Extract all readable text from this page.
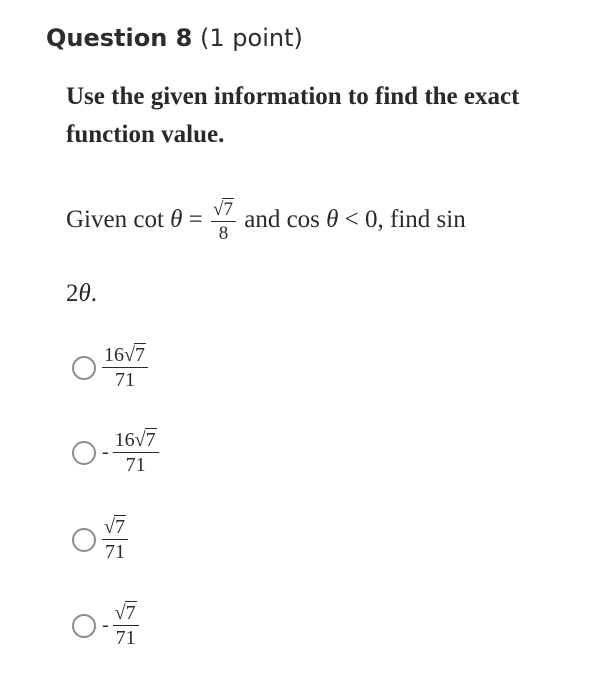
Question 8 (1 point)
Use the given information to find the exact function value.
Given $\cot \theta = \frac{√7}{8}$ and cos θ < 0, find sin
2θ.
$\frac{16√7}{71}$
- $\frac{16√7}{71}$
$\frac{√7}{71}$
- $\frac{√7}{71}$
